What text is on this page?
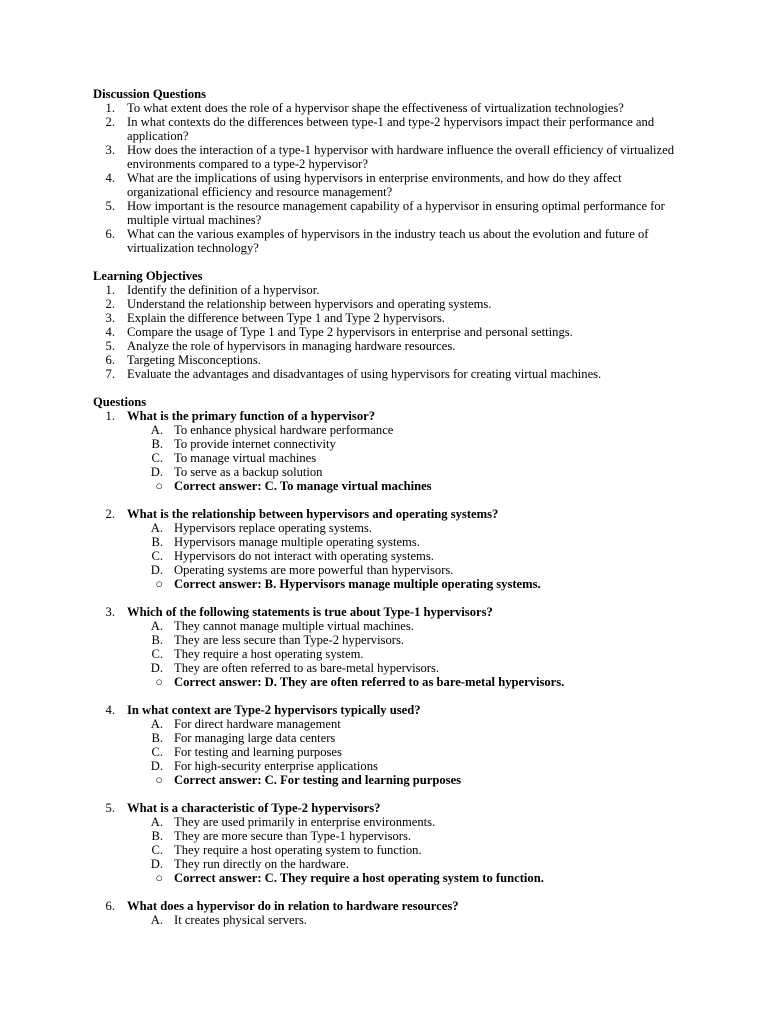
Discussion Questions

1. To what extent does the role of a hypervisor shape the effectiveness of virtualization technologies?
2. In what contexts do the differences between type-1 and type-2 hypervisors impact their performance and application?
3. How does the interaction of a type-1 hypervisor with hardware influence the overall efficiency of virtualized environments compared to a type-2 hypervisor?
4. What are the implications of using hypervisors in enterprise environments, and how do they affect organizational efficiency and resource management?
5. How important is the resource management capability of a hypervisor in ensuring optimal performance for multiple virtual machines?
6. What can the various examples of hypervisors in the industry teach us about the evolution and future of virtualization technology?

Learning Objectives

1. Identify the definition of a hypervisor.
2. Understand the relationship between hypervisors and operating systems.
3. Explain the difference between Type 1 and Type 2 hypervisors.
4. Compare the usage of Type 1 and Type 2 hypervisors in enterprise and personal settings.
5. Analyze the role of hypervisors in managing hardware resources.
6. Targeting Misconceptions.
7. Evaluate the advantages and disadvantages of using hypervisors for creating virtual machines.

Questions

1. What is the primary function of a hypervisor?
A. To enhance physical hardware performance
B. To provide internet connectivity
C. To manage virtual machines
D. To serve as a backup solution
○ Correct answer: C. To manage virtual machines
2. What is the relationship between hypervisors and operating systems?
A. Hypervisors replace operating systems.
B. Hypervisors manage multiple operating systems.
C. Hypervisors do not interact with operating systems.
D. Operating systems are more powerful than hypervisors.
○ Correct answer: B. Hypervisors manage multiple operating systems.
3. Which of the following statements is true about Type-1 hypervisors?
A. They cannot manage multiple virtual machines.
B. They are less secure than Type-2 hypervisors.
C. They require a host operating system.
D. They are often referred to as bare-metal hypervisors.
○ Correct answer: D. They are often referred to as bare-metal hypervisors.
4. In what context are Type-2 hypervisors typically used?
A. For direct hardware management
B. For managing large data centers
C. For testing and learning purposes
D. For high-security enterprise applications
○ Correct answer: C. For testing and learning purposes
5. What is a characteristic of Type-2 hypervisors?
A. They are used primarily in enterprise environments.
B. They are more secure than Type-1 hypervisors.
C. They require a host operating system to function.
D. They run directly on the hardware.
○ Correct answer: C. They require a host operating system to function.
6. What does a hypervisor do in relation to hardware resources?
A. It creates physical servers.
